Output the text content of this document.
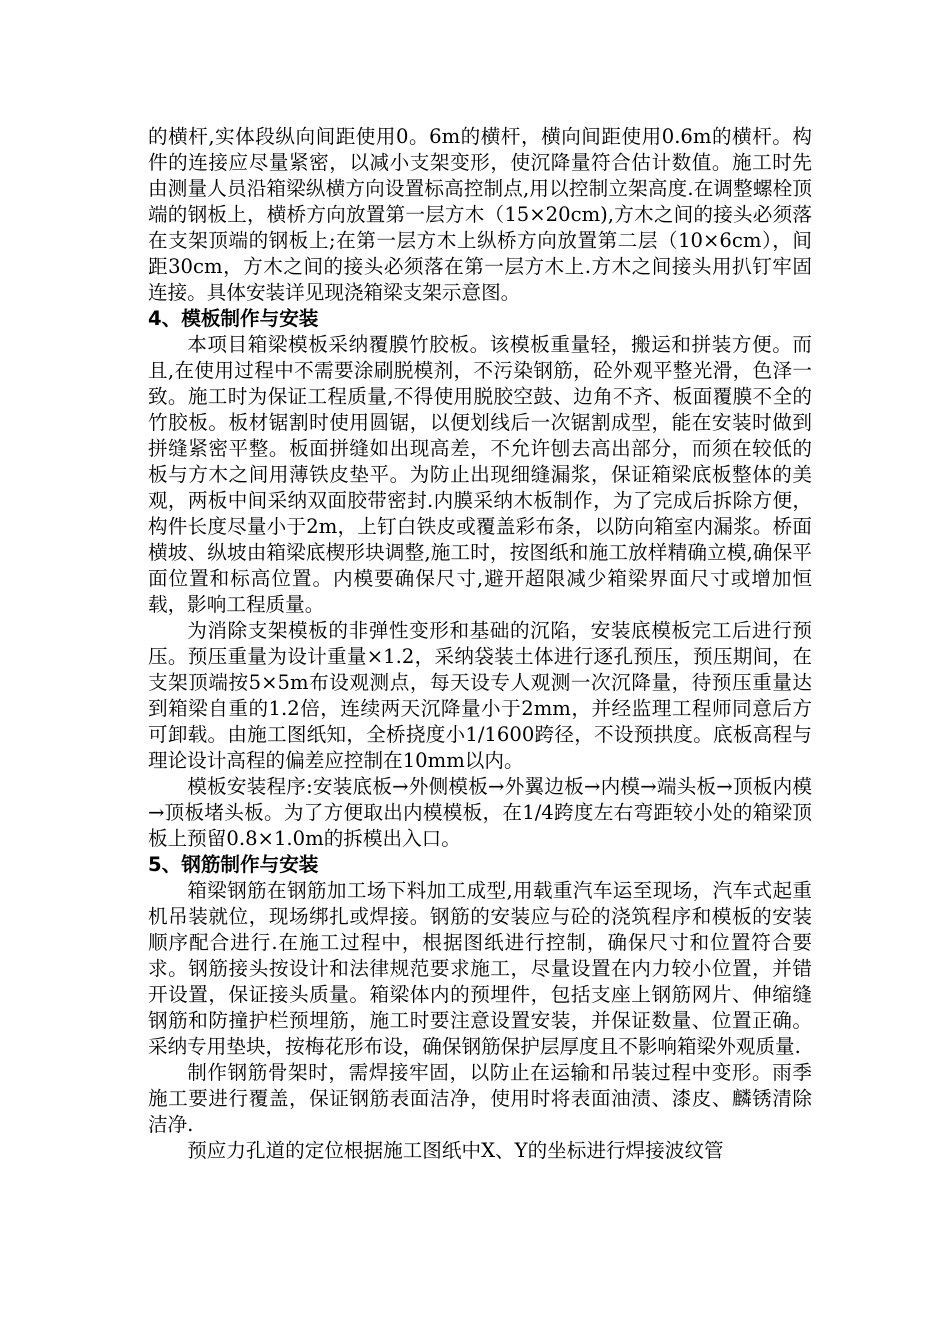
的横杆,实体段纵向间距使用0。6m的横杆，横向间距使用0.6m的横杆。构件的连接应尽量紧密，以减小支架变形，使沉降量符合估计数值。施工时先由测量人员沿箱梁纵横方向设置标高控制点,用以控制立架高度.在调整螺栓顶端的钢板上，横桥方向放置第一层方木（15×20cm),方木之间的接头必须落在支架顶端的钢板上;在第一层方木上纵桥方向放置第二层（10×6cm），间距30cm，方木之间的接头必须落在第一层方木上.方木之间接头用扒钉牢固连接。具体安装详见现浇箱梁支架示意图。

4、模板制作与安装

本项目箱梁模板采纳覆膜竹胶板。该模板重量轻，搬运和拼装方便。而且,在使用过程中不需要涂刷脱模剂，不污染钢筋，砼外观平整光滑，色泽一致。施工时为保证工程质量,不得使用脱胶空鼓、边角不齐、板面覆膜不全的竹胶板。板材锯割时使用圆锯，以便划线后一次锯割成型，能在安装时做到拼缝紧密平整。板面拼缝如出现高差，不允许刨去高出部分，而须在较低的板与方木之间用薄铁皮垫平。为防止出现细缝漏浆，保证箱梁底板整体的美观，两板中间采纳双面胶带密封.内膜采纳木板制作，为了完成后拆除方便，构件长度尽量小于2m，上钉白铁皮或覆盖彩布条，以防向箱室内漏浆。桥面横坡、纵坡由箱梁底楔形块调整,施工时，按图纸和施工放样精确立模,确保平面位置和标高位置。内模要确保尺寸,避开超限减少箱梁界面尺寸或增加恒载，影响工程质量。

为消除支架模板的非弹性变形和基础的沉陷，安装底模板完工后进行预压。预压重量为设计重量×1.2，采纳袋装土体进行逐孔预压，预压期间，在支架顶端按5×5m布设观测点，每天设专人观测一次沉降量，待预压重量达到箱梁自重的1.2倍，连续两天沉降量小于2mm，并经监理工程师同意后方可卸载。由施工图纸知，全桥挠度小1/1600跨径，不设预拱度。底板高程与理论设计高程的偏差应控制在10mm以内。

模板安装程序:安装底板→外侧模板→外翼边板→内模→端头板→顶板内模→顶板堵头板。为了方便取出内模模板，在1/4跨度左右弯距较小处的箱梁顶板上预留0.8×1.0m的拆模出入口。

5、钢筋制作与安装

箱梁钢筋在钢筋加工场下料加工成型,用载重汽车运至现场，汽车式起重机吊装就位，现场绑扎或焊接。钢筋的安装应与砼的浇筑程序和模板的安装顺序配合进行.在施工过程中，根据图纸进行控制，确保尺寸和位置符合要求。钢筋接头按设计和法律规范要求施工，尽量设置在内力较小位置，并错开设置，保证接头质量。箱梁体内的预埋件，包括支座上钢筋网片、伸缩缝钢筋和防撞护栏预埋筋，施工时要注意设置安装，并保证数量、位置正确。采纳专用垫块，按梅花形布设，确保钢筋保护层厚度且不影响箱梁外观质量.

制作钢筋骨架时，需焊接牢固，以防止在运输和吊装过程中变形。雨季施工要进行覆盖，保证钢筋表面洁净，使用时将表面油渍、漆皮、麟锈清除洁净.

预应力孔道的定位根据施工图纸中X、Y的坐标进行焊接波纹管
